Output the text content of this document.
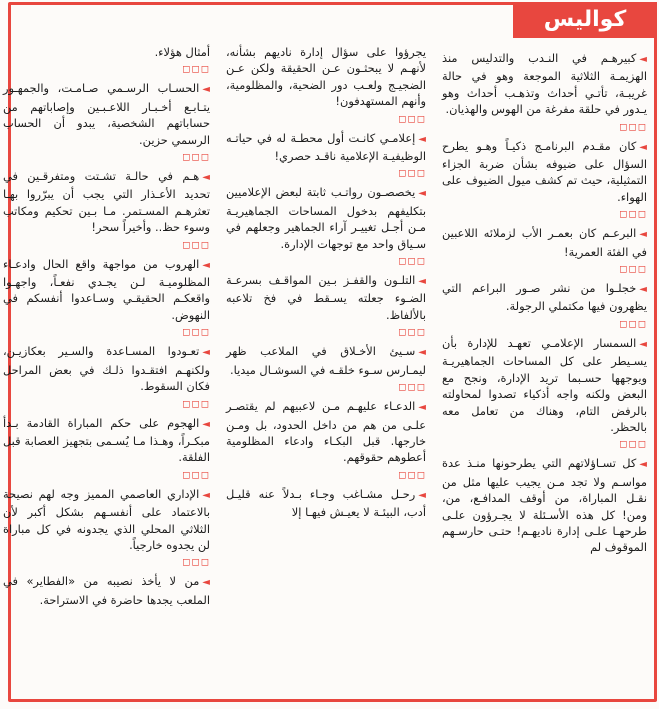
كواليس

◄كبيرهـم في النـدب والتدليس منذ الهزيمـة الثلاثية الموجعة وهو في حالة غريبـة، تأتـي أحداث وتذهـب أحداث وهو يـدور في حلقة مفرغة من الهوس والهذيان.

◻◻◻

◄كان مقـدم البرنامـج ذكيـاً وهـو يطرح السؤال على ضيوفه بشأن ضربة الجزاء التمثيلية، حيث تم كشف ميول الضيوف على الهواء.

◻◻◻

◄البرعـم كان بعمـر الأب لزملائه اللاعبين في الفئة العمرية!

◻◻◻

◄خجلـوا من نشر صـور البراعم التي يظهرون فيها مكتملي الرجولة.

◻◻◻

◄السمسار الإعلامـي تعهـد للإدارة بأن يسـيطر على كل المساحات الجماهيريـة ويوجهها حسـبما تريد الإدارة، ونجح مع البعض ولكنه واجه أذكياء تصدوا لمحاولته بالرفض التام، وهناك من تعامل معه بالحظر.

◻◻◻

◄كل تسـاؤلاتهم التي يطرحونها منـذ عدة مواسـم ولا تجد مـن يجيب عليها مثل من نقـل المباراة، من أوقف المدافـع، من، ومن! كل هذه الأسـئلة لا يجـرؤون علـى طرحهـا علـى إدارة ناديهـم! حتـى حارسـهم الموقوف لم

يجرؤوا على سؤال إدارة ناديهم بشأنه، لأنهـم لا يبحثـون عـن الحقيقة ولكن عـن الضجيـج ولعـب دور الضحية، والمظلومية، وأنهم المستهدفون!

◻◻◻

◄إعلامـي كانـت أول محطـة له في حياتـه الوظيفيـة الإعلامية ناقـد حصري!

◻◻◻

◄يخصصـون رواتـب ثابتة لبعض الإعلاميين بتكليفهم بدخول المساحات الجماهيريـة مـن أجـل تغييـر آراء الجماهير وجعلهم في سـياق واحد مع توجهات الإدارة.

◻◻◻

◄التلـون والقفـز بـين المواقـف بسرعـة الضـوء جعلته يسـقط في فخ تلاعبه بالألفاظ.

◻◻◻

◄سـيئ الأخـلاق في الملاعب ظهر ليمـارس سـوء خلقـه في السوشـال ميديا.

◻◻◻

◄الدعـاء عليهـم مـن لاعبيهم لم يقتصـر علـى من هم من داخل الحدود، بل ومـن خارجها. قبل البكـاء وادعاء المظلومية أعطوهم حقوقهم.

◻◻◻

◄رحـل مشـاغب وجـاء بـدلاً عنه قليـل أدب، البيئـة لا يعيـش فيهـا إلا

أمثال هؤلاء.

◻◻◻

◄الحسـاب الرسـمي صـامـت، والجمهـور يتـابـع أخـبـار اللاعـبـين وإصاباتهم من حساباتهم الشخصية، يبدو أن الحساب الرسمي حزين.

◻◻◻

◄هـم في حالـة تشـتت ومتفرقـين في تحديد الأعـذار التي يجب أن يبرّروا بهـا تعثرهـم المسـتمر. مـا بـين تحكيم ومكاتب وسوء حظ.. وأخيراً سحر!

◻◻◻

◄الهروب من مواجهة واقع الحال وادعـاء المظلوميـة لـن يجـدي نفعـاً، واجهـوا واقعكـم الحقيقـي وسـاعدوا أنفسكم في النهوض.

◻◻◻

◄تعـودوا المسـاعدة والسـير بعكازيـن، ولكنهـم افتقـدوا ذلـك في بعض المراحل فكان السقوط.

◻◻◻

◄الهجوم على حكم المباراة القادمة بـدأ مبكـراً، وهـذا مـا يُسـمى بتجهيز العصابة قبل الفلقة.

◻◻◻

◄الإداري العاصمي المميز وجه لهم نصيحة بالاعتماد على أنفسـهم بشكل أكبر لأن الثلاثي المحلي الذي يجدونه في كل مباراة لن يجدوه خارجياً.

◻◻◻

◄من لا يأخذ نصيبه من «الفطاير» في الملعب يجدها حاضرة في الاستراحة.
